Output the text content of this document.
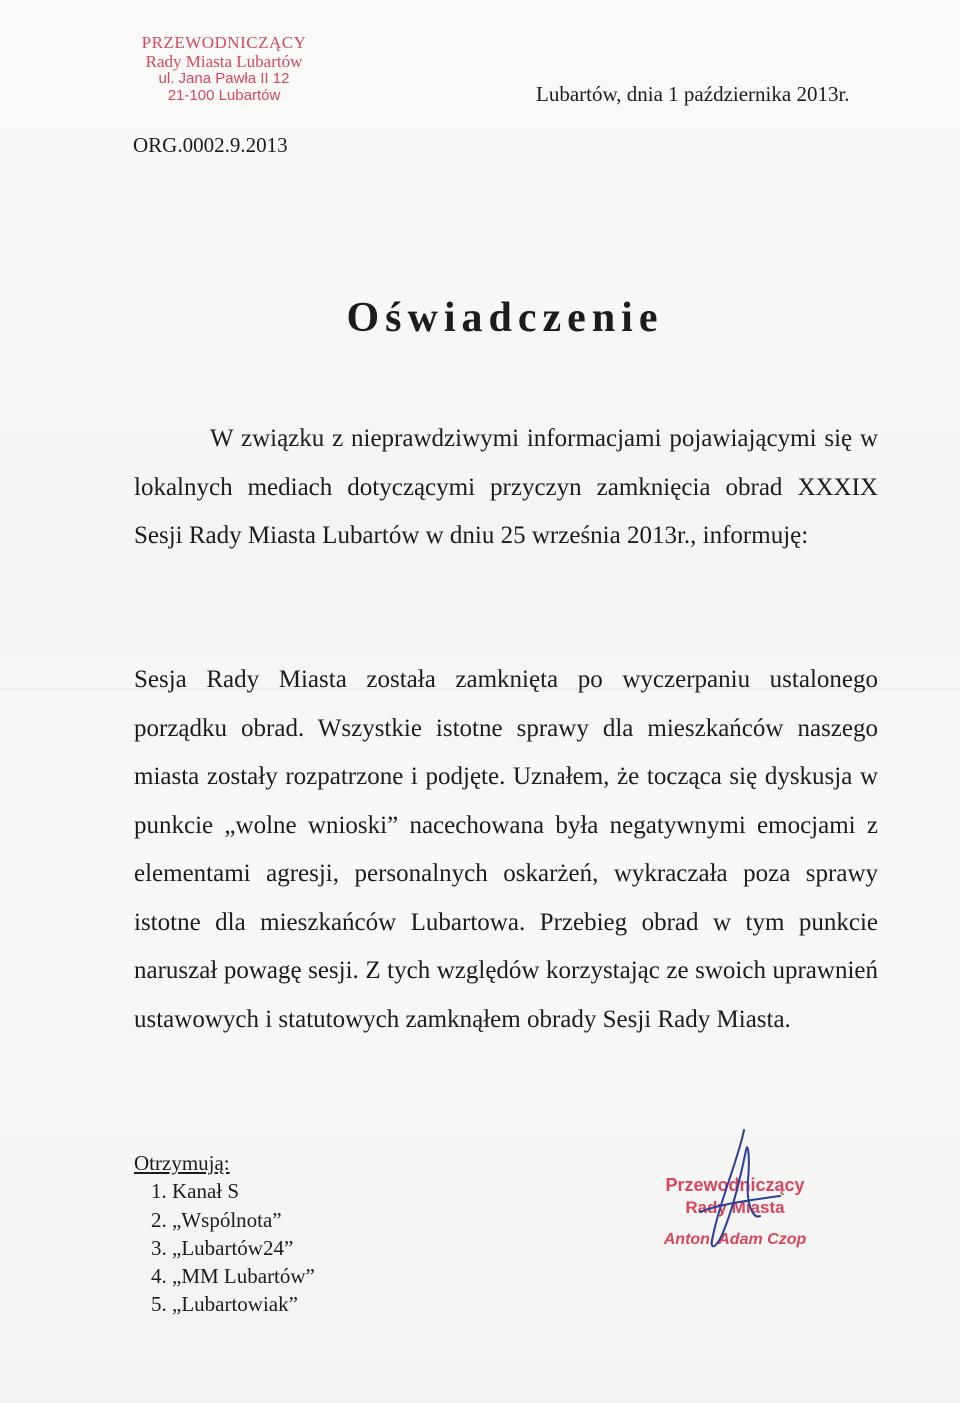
PRZEWODNICZĄCY
Rady Miasta Lubartów
ul. Jana Pawła II 12
21-100 Lubartów	Lubartów, dnia 1 października 2013r.
ORG.0002.9.2013
Oświadczenie
W związku z nieprawdziwymi informacjami pojawiającymi się w lokalnych mediach dotyczącymi przyczyn zamknięcia obrad XXXIX Sesji Rady Miasta Lubartów w dniu 25 września 2013r., informuję:
Sesja Rady Miasta została zamknięta po wyczerpaniu ustalonego porządku obrad. Wszystkie istotne sprawy dla mieszkańców naszego miasta zostały rozpatrzone i podjęte. Uznałem, że tocząca się dyskusja w punkcie „wolne wnioski” nacechowana była negatywnymi emocjami z elementami agresji, personalnych oskarżeń, wykraczała poza sprawy istotne dla mieszkańców Lubartowa. Przebieg obrad w tym punkcie naruszał powagę sesji. Z tych względów korzystając ze swoich uprawnień ustawowych i statutowych zamknąłem obrady Sesji Rady Miasta.
Otrzymują:
1. Kanał S
2. „Wspólnota”
3. „Lubartów24”
4. „MM Lubartów”
5. „Lubartowiak”
Przewodniczący
Rady Miasta
Antoni Adam Czop
